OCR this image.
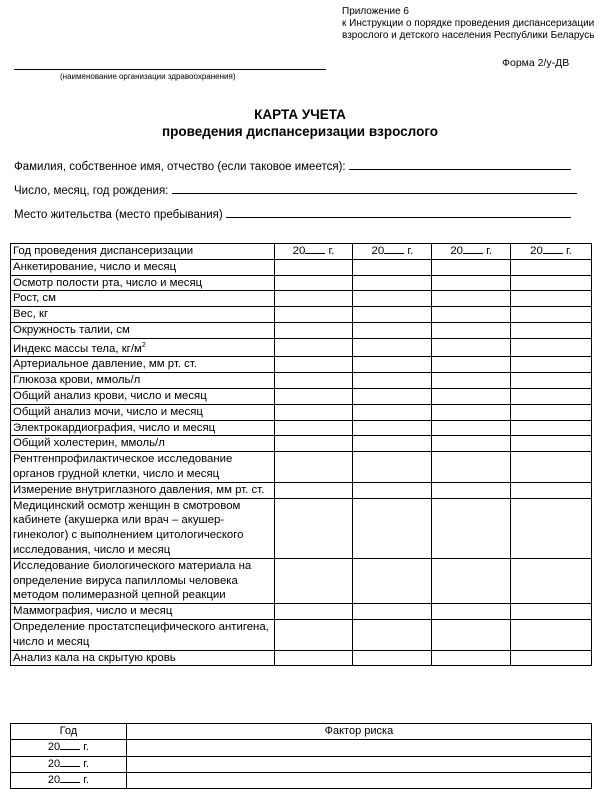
Приложение 6
к Инструкции о порядке проведения диспансеризации
взрослого и детского населения Республики Беларусь
(наименование организации здравоохранения)
Форма 2/у-ДВ
КАРТА УЧЕТА
проведения диспансеризации взрослого
Фамилия, собственное имя, отчество (если таковое имеется):
Число, месяц, год рождения:
Место жительства (место пребывания)
Год проведения диспансеризации	20 г.	20 г.	20 г.	20 г.
Анкетирование, число и месяц				
Осмотр полости рта, число и месяц				
Рост, см				
Вес, кг				
Окружность талии, см				
Индекс массы тела, $кг/м^2$				
Артериальное давление, мм рт. ст.				
Глюкоза крови, ммоль/л				
Общий анализ крови, число и месяц				
Общий анализ мочи, число и месяц				
Электрокардиография, число и месяц				
Общий холестерин, ммоль/л				
Рентгенпрофилактическое исследование органов грудной клетки, число и месяц				
Измерение внутриглазного давления, мм рт. ст.				
Медицинский осмотр женщин в смотровом кабинете (акушерка или врач – акушер-гинеколог) с выполнением цитологического исследования, число и месяц				
Исследование биологического материала на определение вируса папилломы человека методом полимеразной цепной реакции				
Маммография, число и месяц				
Определение простатспецифического антигена, число и месяц				
Анализ кала на скрытую кровь				
Год	Фактор риска
20 г.	
20 г.	
20 г.	
